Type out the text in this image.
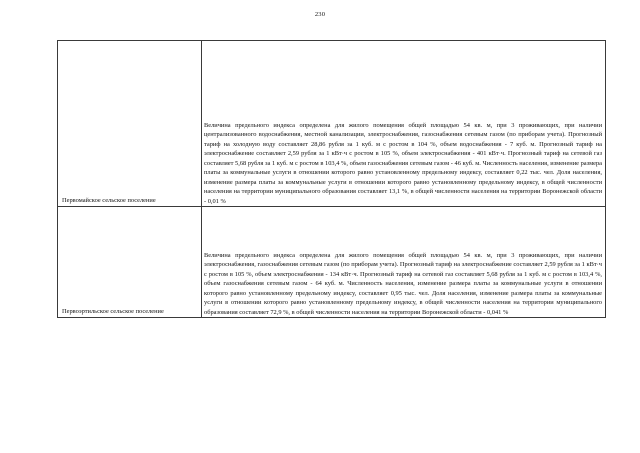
230
Первомайское сельское поселение	Величина предельного индекса определена для жилого помещения общей площадью 54 кв. м, при 3 проживающих, при наличии централизованного водоснабжения, местной канализации, электроснабжения, газоснабжения сетевым газом (по приборам учета). Прогнозный тариф на холодную воду составляет 28,86 рубля за 1 куб. м с ростом в 104 %, объем водоснабжения - 7 куб. м. Прогнозный тариф на электроснабжение составляет 2,59 рубля за 1 кВт·ч с ростом в 105 %, объем электроснабжения - 401 кВт·ч. Прогнозный тариф на сетевой газ составляет 5,68 рубля за 1 куб. м с ростом в 103,4 %, объем газоснабжения сетевым газом - 46 куб. м. Численность населения, изменение размера платы за коммунальные услуги в отношении которого равно установленному предельному индексу, составляет 0,22 тыс. чел. Доля населения, изменение размера платы за коммунальные услуги в отношении которого равно установленному предельному индексу, в общей численности населения на территории муниципального образования составляет 13,1 %, в общей численности населения на территории Воронежской области - 0,01 %
Первоэртильское сельское поселение	Величина предельного индекса определена для жилого помещения общей площадью 54 кв. м, при 3 проживающих, при наличии электроснабжения, газоснабжения сетевым газом (по приборам учета). Прогнозный тариф на электроснабжение составляет 2,59 рубля за 1 кВт·ч с ростом в 105 %, объем электроснабжения - 134 кВт·ч. Прогнозный тариф на сетевой газ составляет 5,68 рубля за 1 куб. м с ростом в 103,4 %, объем газоснабжения сетевым газом - 64 куб. м. Численность населения, изменение размера платы за коммунальные услуги в отношении которого равно установленному предельному индексу, составляет 0,95 тыс. чел. Доля населения, изменение размера платы за коммунальные услуги в отношении которого равно установленному предельному индексу, в общей численности населения на территории муниципального образования составляет 72,9 %, в общей численности населения на территории Воронежской области - 0,041 %
